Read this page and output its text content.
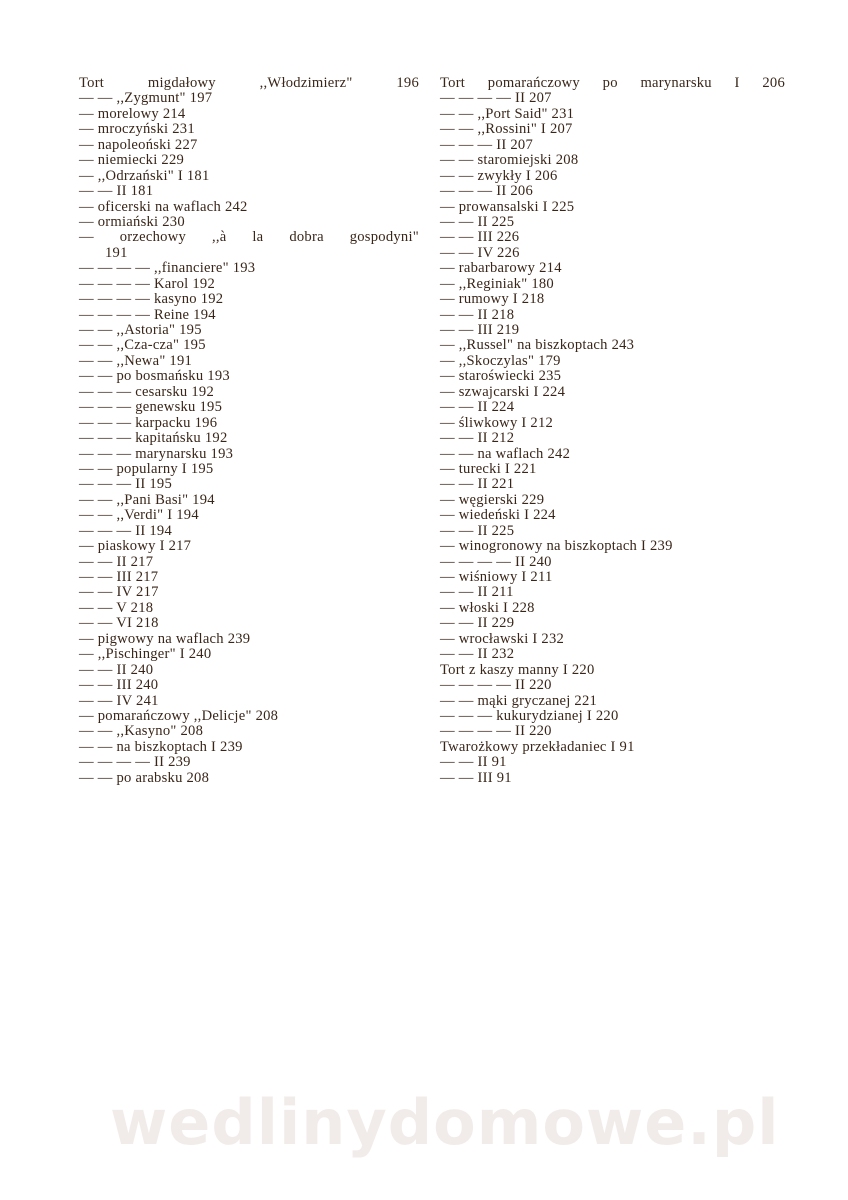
Tort migdałowy ,,Włodzimierz" 196
— — ,,Zygmunt" 197
— morelowy 214
— mroczyński 231
— napoleoński 227
— niemiecki 229
— ,,Odrzański" I 181
— — II 181
— oficerski na waflach 242
— ormiański 230
— orzechowy ,,à la dobra gospodyni"
191
— — — — ,,financiere" 193
— — — — Karol 192
— — — — kasyno 192
— — — — Reine 194
— — ,,Astoria" 195
— — ,,Cza-cza" 195
— — ,,Newa" 191
— — po bosmańsku 193
— — — cesarsku 192
— — — genewsku 195
— — — karpacku 196
— — — kapitańsku 192
— — — marynarsku 193
— — popularny I 195
— — — II 195
— — ,,Pani Basi" 194
— — ,,Verdi" I 194
— — — II 194
— piaskowy I 217
— — II 217
— — III 217
— — IV 217
— — V 218
— — VI 218
— pigwowy na waflach 239
— ,,Pischinger" I 240
— — II 240
— — III 240
— — IV 241
— pomarańczowy ,,Delicje" 208
— — ,,Kasyno" 208
— — na biszkoptach I 239
— — — — II 239
— — po arabsku 208
Tort pomarańczowy po marynarsku I 206
— — — — II 207
— — ,,Port Said" 231
— — ,,Rossini" I 207
— — — II 207
— — staromiejski 208
— — zwykły I 206
— — — II 206
— prowansalski I 225
— — II 225
— — III 226
— — IV 226
— rabarbarowy 214
— ,,Reginiak" 180
— rumowy I 218
— — II 218
— — III 219
— ,,Russel" na biszkoptach 243
— ,,Skoczylas" 179
— staroświecki 235
— szwajcarski I 224
— — II 224
— śliwkowy I 212
— — II 212
— — na waflach 242
— turecki I 221
— — II 221
— węgierski 229
— wiedeński I 224
— — II 225
— winogronowy na biszkoptach I 239
— — — — II 240
— wiśniowy I 211
— — II 211
— włoski I 228
— — II 229
— wrocławski I 232
— — II 232
Tort z kaszy manny I 220
— — — — II 220
— — mąki gryczanej 221
— — — kukurydzianej I 220
— — — — II 220
Twarożkowy przekładaniec I 91
— — II 91
— — III 91
wedlinydomowe.pl
